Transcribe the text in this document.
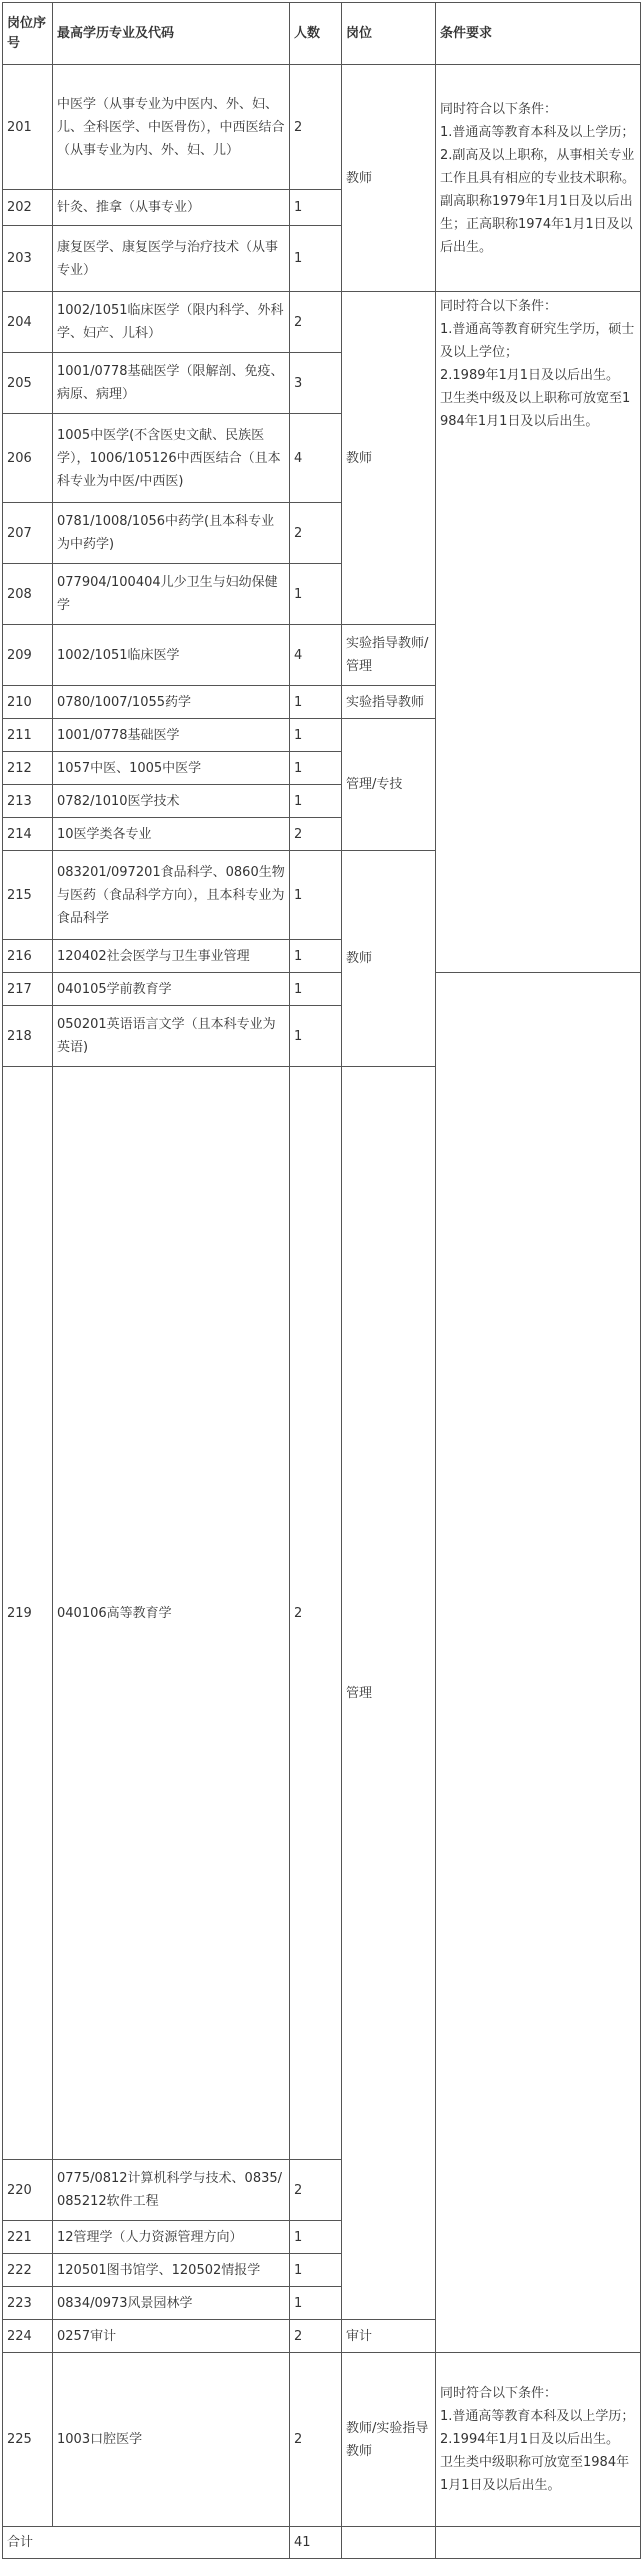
岗位序号	最高学历专业及代码	人数	岗位	条件要求	
201	中医学（从事专业为中医内、外、妇、儿、全科医学、中医骨伤），中西医结合（从事专业为内、外、妇、儿）	2	教师	同时符合以下条件：
1.普通高等教育本科及以上学历；
2.副高及以上职称，从事相关专业工作且具有相应的专业技术职称。副高职称1979年1月1日及以后出生；正高职称1974年1月1日及以后出生。	

202	针灸、推拿（从事专业）	1			
203	康复医学、康复医学与治疗技术（从事专业）	1			
204	1002/1051临床医学（限内科学、外科学、妇产、儿科）	2	教师	同时符合以下条件：
1.普通高等教育研究生学历，硕士及以上学位；
2.1989年1月1日及以后出生。
卫生类中级及以上职称可放宽至1984年1月1日及以后出生。	

205	1001/0778基础医学（限解剖、免疫、病原、病理）	3			
206	1005中医学(不含医史文献、民族医学），1006/105126中西医结合（且本科专业为中医/中西医)	4			
207	0781/1008/1056中药学(且本科专业为中药学)	2			
208	077904/100404儿少卫生与妇幼保健学	1			
209	1002/1051临床医学	4	实验指导教师/管理		
210	0780/1007/1055药学	1	实验指导教师		
211	1001/0778基础医学	1	管理/专技		
212	1057中医、1005中医学	1			
213	0782/1010医学技术	1			
214	10医学类各专业	2			
215	083201/097201食品科学、0860生物与医药（食品科学方向），且本科专业为食品科学	1	教师	

216	120402社会医学与卫生事业管理	1			
217	040105学前教育学	1			
218	050201英语语言文学（且本科专业为英语)	1			
219	040106高等教育学	2	管理		
220	0775/0812计算机科学与技术、0835/085212软件工程	2			
221	12管理学（人力资源管理方向）	1			
222	120501图书馆学、120502情报学	1			
223	0834/0973风景园林学	1			
224	0257审计	2	审计		
225	1003口腔医学	2	教师/实验指导教师	同时符合以下条件：
1.普通高等教育本科及以上学历；
2.1994年1月1日及以后出生。
卫生类中级职称可放宽至1984年1月1日及以后出生。	

合计		41			
